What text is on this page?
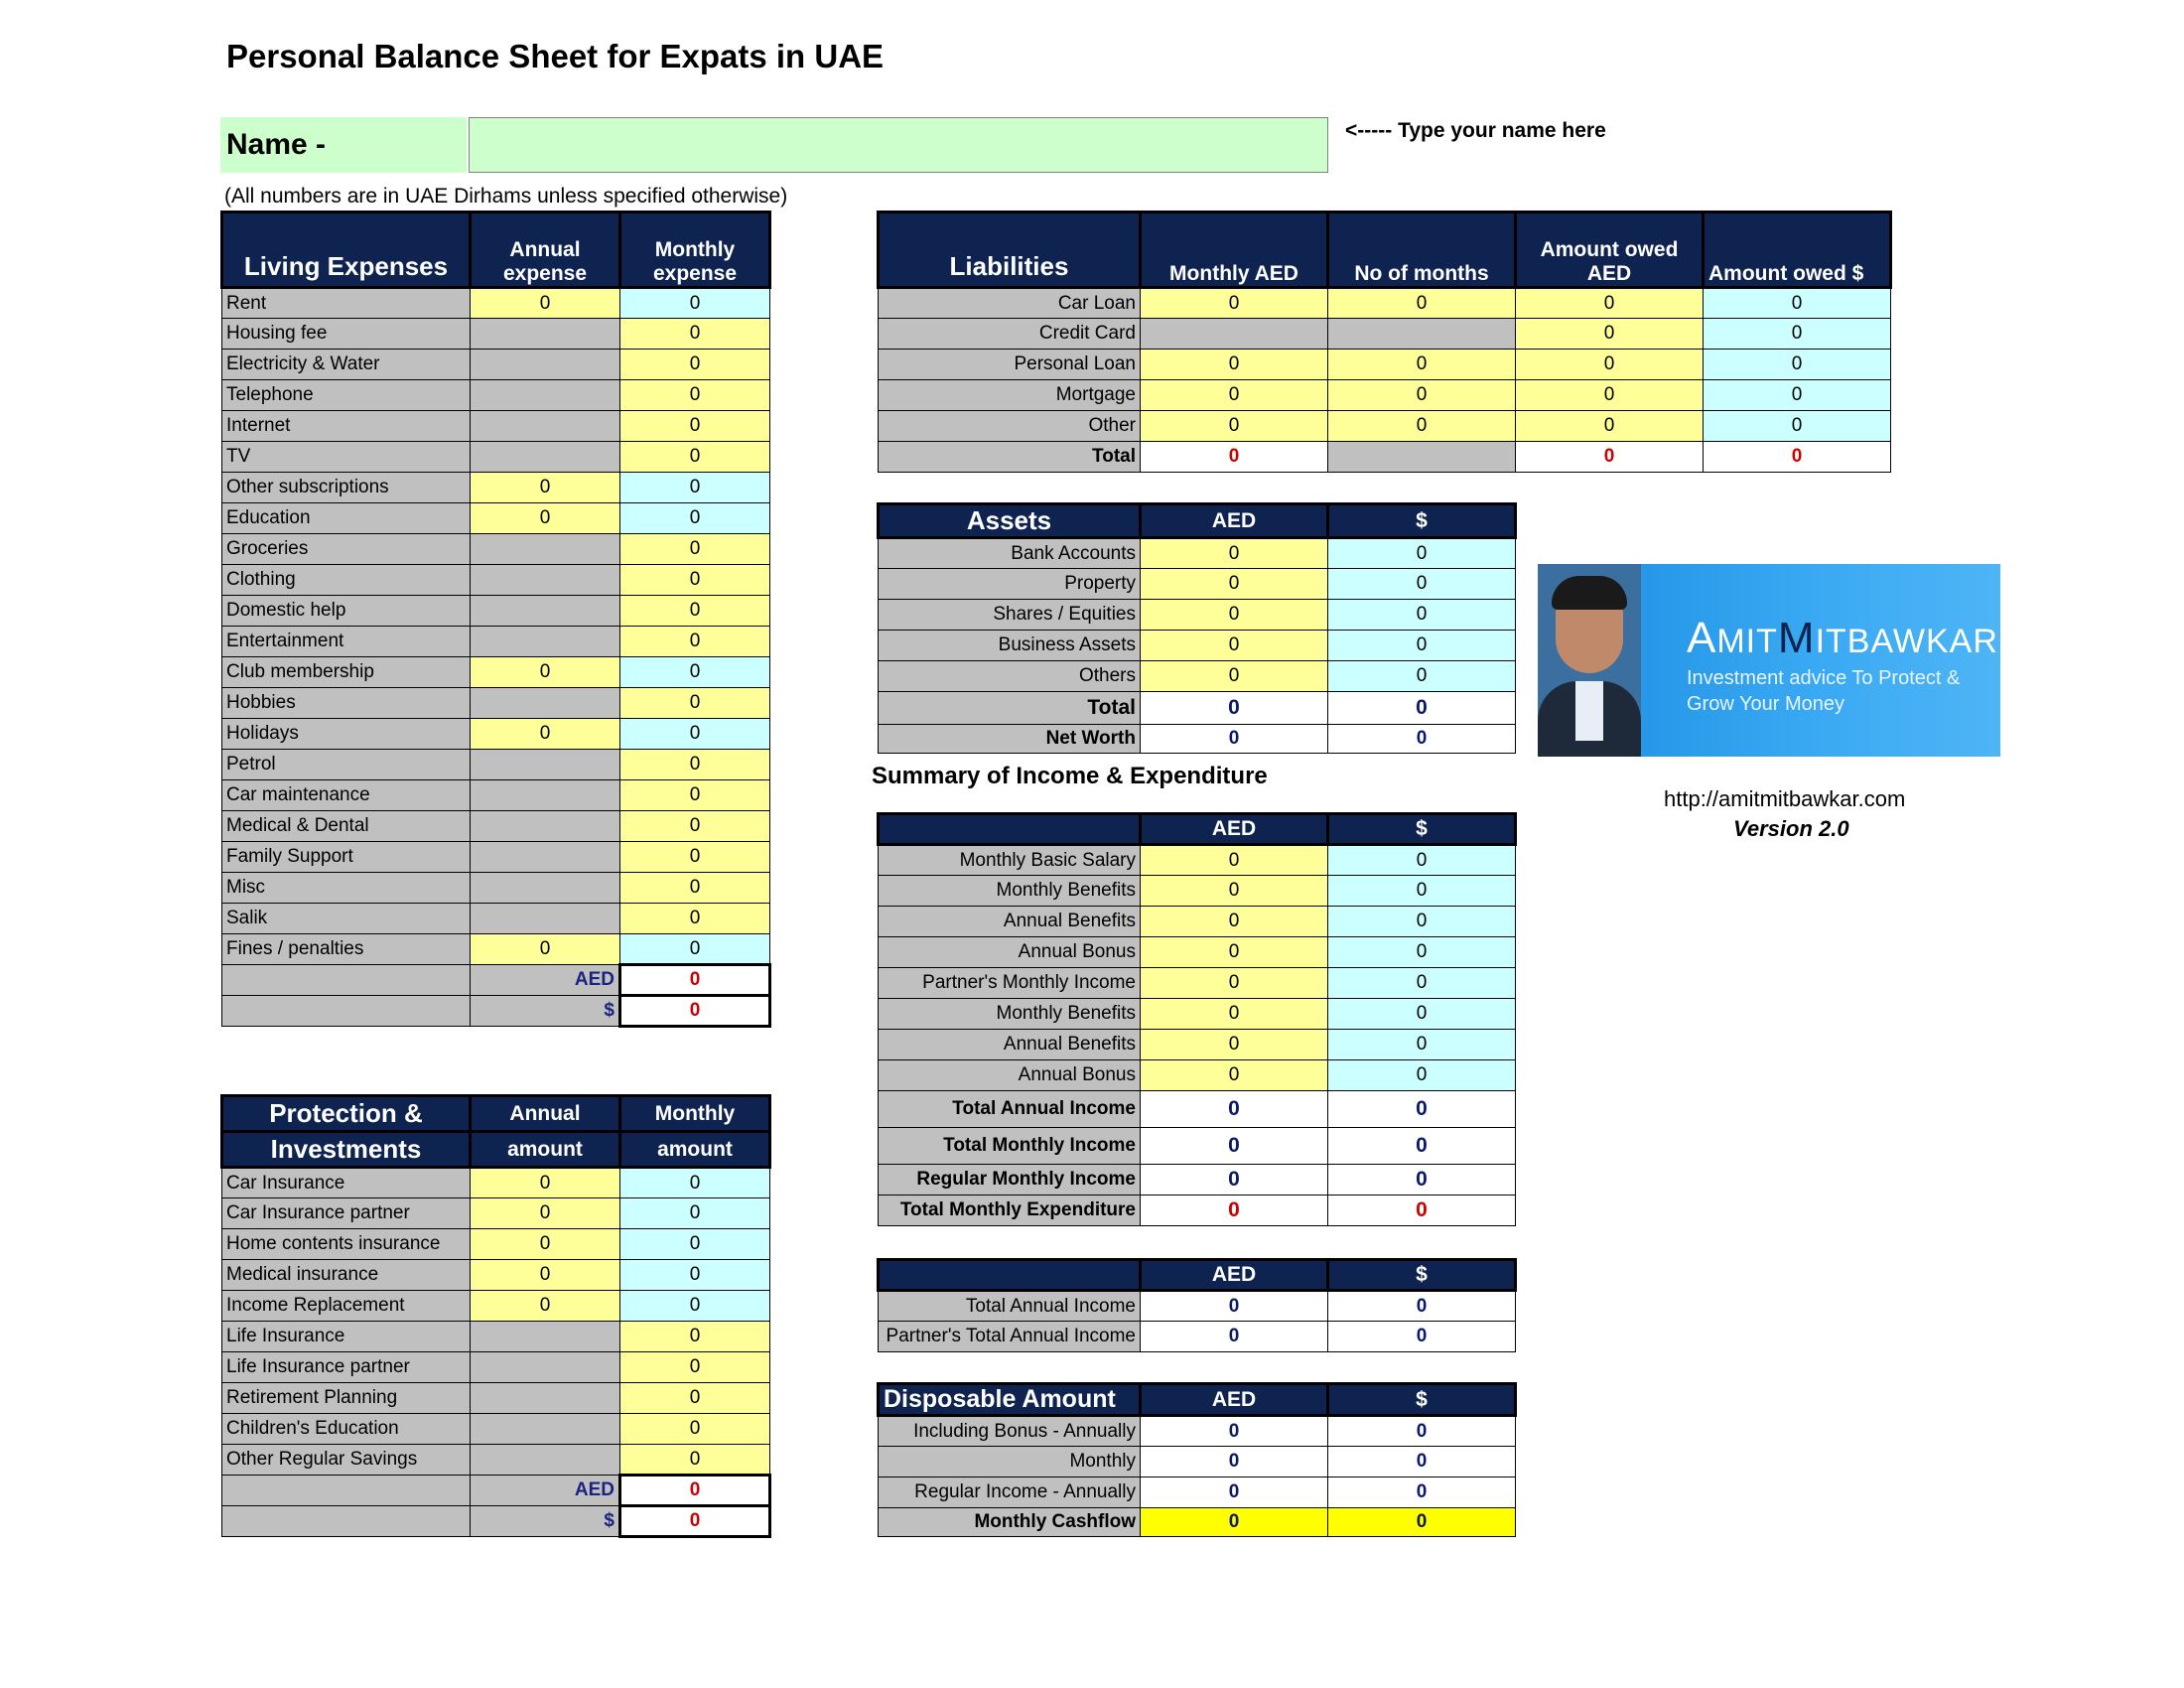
Personal Balance Sheet for Expats in UAE
Name -	<----- Type your name here
(All numbers are in UAE Dirhams unless specified otherwise)
Living Expenses	Annual expense	Monthly expense
Rent	0	0
Housing fee		0
Electricity & Water		0
Telephone		0
Internet		0
TV		0
Other subscriptions	0	0
Education	0	0
Groceries		0
Clothing		0
Domestic help		0
Entertainment		0
Club membership	0	0
Hobbies		0
Holidays	0	0
Petrol		0
Car maintenance		0
Medical & Dental		0
Family Support		0
Misc		0
Salik		0
Fines / penalties	0	0
	AED	0
	$	0
Protection &	Annual	Monthly
Investments	amount	amount
Car Insurance	0	0
Car Insurance partner	0	0
Home contents insurance	0	0
Medical insurance	0	0
Income Replacement	0	0
Life Insurance		0
Life Insurance partner		0
Retirement Planning		0
Children's Education		0
Other Regular Savings		0
	AED	0
	$	0
Liabilities	Monthly AED	No of months	Amount owed AED	Amount owed $
Car Loan	0	0	0	0
Credit Card			0	0
Personal Loan	0	0	0	0
Mortgage	0	0	0	0
Other	0	0	0	0
Total	0		0	0
Assets	AED	$
Bank Accounts	0	0
Property	0	0
Shares / Equities	0	0
Business Assets	0	0
Others	0	0
Total	0	0
Net Worth	0	0
AMITMITBAWKAR
Investment advice To Protect & Grow Your Money
http://amitmitbawkar.com
Version 2.0
Summary of Income & Expenditure
	AED	$
Monthly Basic Salary	0	0
Monthly Benefits	0	0
Annual Benefits	0	0
Annual Bonus	0	0
Partner's Monthly Income	0	0
Monthly Benefits	0	0
Annual Benefits	0	0
Annual Bonus	0	0
Total Annual Income	0	0
Total Monthly Income	0	0
Regular Monthly Income	0	0
Total Monthly Expenditure	0	0
	AED	$
Total Annual Income	0	0
Partner's Total Annual Income	0	0
Disposable Amount	AED	$
Including Bonus - Annually	0	0
Monthly	0	0
Regular Income - Annually	0	0
Monthly Cashflow	0	0
